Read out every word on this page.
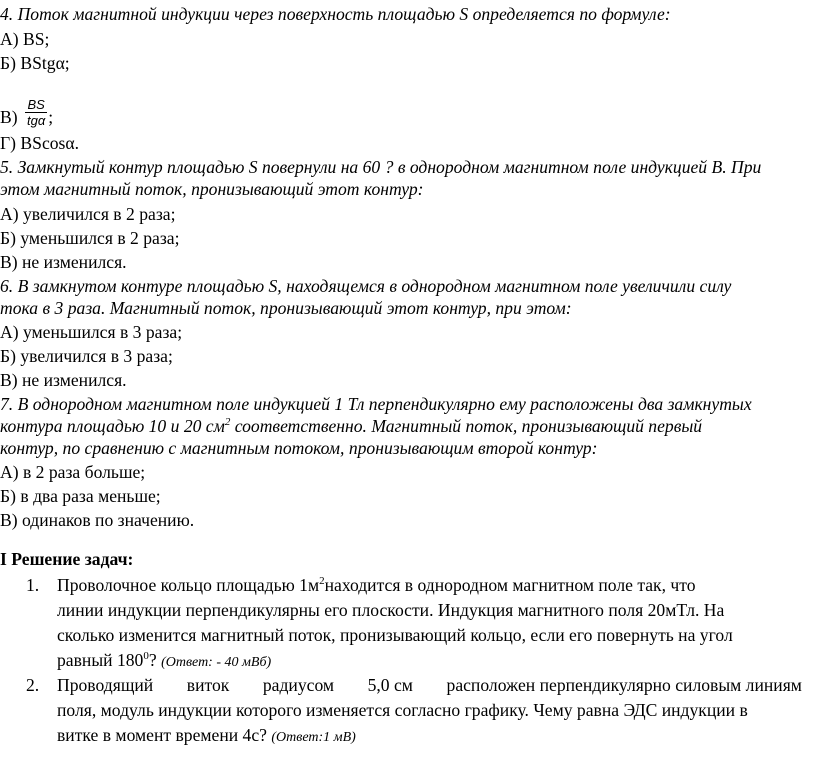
4. Поток магнитной индукции через поверхность площадью S определяется по формуле:
А) BS;
Б) BStgα;
$В) \frac{BS}{\text{tgα}}$ ;
Г) BScosα.
5. Замкнутый контур площадью S повернули на 60 ? в однородном магнитном поле индукцией В. При
этом магнитный поток, пронизывающий этот контур:
А) увеличился в 2 раза;
Б) уменьшился в 2 раза;
В) не изменился.
6. В замкнутом контуре площадью S, находящемся в однородном магнитном поле увеличили силу
тока в 3 раза. Магнитный поток, пронизывающий этот контур, при этом:
А) уменьшился в 3 раза;
Б) увеличился в 3 раза;
В) не изменился.
7. В однородном магнитном поле индукцией 1 Тл перпендикулярно ему расположены два замкнутых
контура площадью 10 и 20 $см^2$ соответственно. Магнитный поток, пронизывающий первый
контур, по сравнению с магнитным потоком, пронизывающим второй контур:
А) в 2 раза больше;
Б) в два раза меньше;
В) одинаков по значению.
I Решение задач:
1. Проволочное кольцо площадью $1м^2находится$ в однородном магнитном поле так, что
линии индукции перпендикулярны его плоскости. Индукция магнитного поля 20мТл. На
сколько изменится магнитный поток, пронизывающий кольцо, если его повернуть на угол
равный $180^0$? (Ответ: - 40 мВб)
2. Проводящий виток радиусом 5,0 см расположен перпендикулярно силовым линиям
поля, модуль индукции которого изменяется согласно графику. Чему равна ЭДС индукции в
витке в момент времени 4с? (Ответ:1 мВ)
